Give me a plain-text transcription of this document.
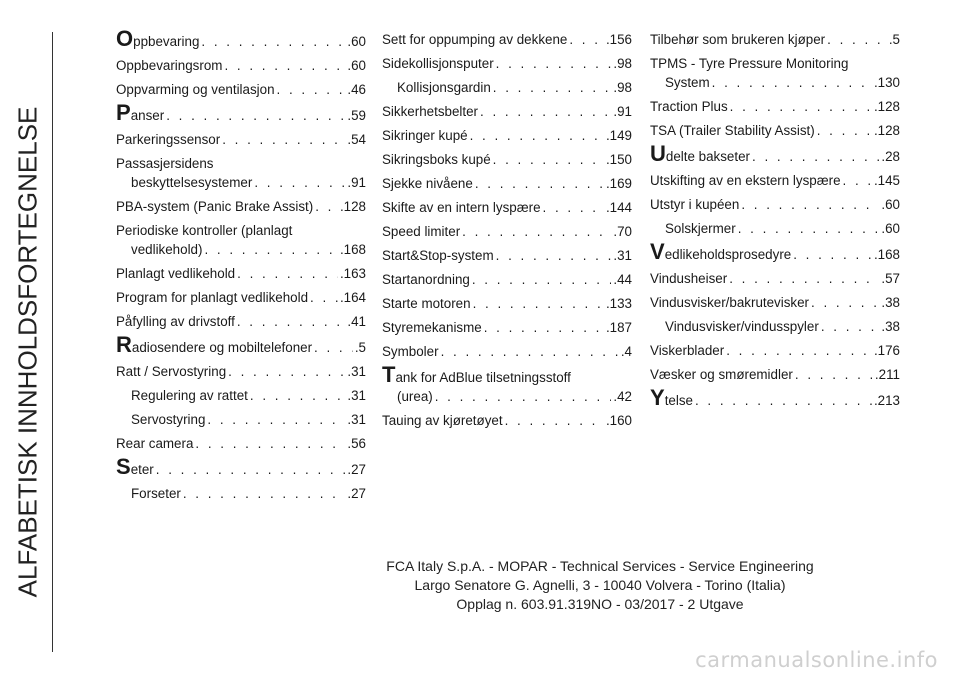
ALFABETISK INNHOLDSFORTEGNELSE
Oppbevaring . . .	.60
Oppbevaringsrom . . .	.60
Oppvarming og ventilasjon . . .	.46
Panser . . .	.59
Parkeringssensor . . .	.54
Passasjersidens
beskyttelsesystemer . . .	.91
PBA-system (Panic Brake Assist) . . . .128
Periodiske kontroller (planlagt
vedlikehold) . . .	.168
Planlagt vedlikehold . . .	.163
Program for planlagt vedlikehold . . . .164
Påfylling av drivstoff . . .	.41
Radiosendere og mobiltelefoner . . .	.5
Ratt / Servostyring . . .	.31
Regulering av rattet . . .	.31
Servostyring . . .	.31
Rear camera . . .	.56
Seter . . .	.27
Forseter . . .	.27
Sett for oppumping av dekkene . . .	.156
Sidekollisjonsputer . . .	.98
Kollisjonsgardin . . .	.98
Sikkerhetsbelter . . .	.91
Sikringer kupé . . .	.149
Sikringsboks kupé . . .	.150
Sjekke nivåene . . .	.169
Skifte av en intern lyspære . . .	.144
Speed limiter . . .	.70
Start&Stop-system . . .	.31
Startanordning . . .	.44
Starte motoren . . .	.133
Styremekanisme . . .	.187
Symboler . . .	.4
Tank for AdBlue tilsetningsstoff
(urea) . . .	.42
Tauing av kjøretøyet . . .	.160
Tilbehør som brukeren kjøper . . .	.5
TPMS - Tyre Pressure Monitoring
System . . .	.130
Traction Plus . . .	.128
TSA (Trailer Stability Assist) . . .	.128
Udelte bakseter . . .	.28
Utskifting av en ekstern lyspære . . . .145
Utstyr i kupéen . . .	.60
Solskjermer . . .	.60
Vedlikeholdsprosedyre . . .	.168
Vindusheiser . . .	.57
Vindusvisker/bakrutevisker . . .	.38
Vindusvisker/vindusspyler . . .	.38
Viskerblader . . .	.176
Væsker og smøremidler . . .	.211
Ytelse . . .	.213
FCA Italy S.p.A. - MOPAR - Technical Services - Service Engineering
Largo Senatore G. Agnelli, 3 - 10040 Volvera - Torino (Italia)
Opplag n. 603.91.319NO - 03/2017 - 2 Utgave
carmanualsonline.info
